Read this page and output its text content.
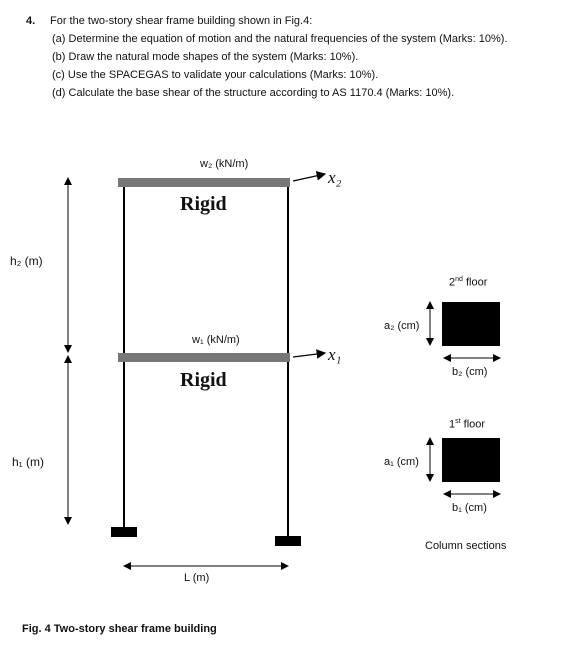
4. For the two-story shear frame building shown in Fig.4:
(a) Determine the equation of motion and the natural frequencies of the system (Marks: 10%).
(b) Draw the natural mode shapes of the system (Marks: 10%).
(c) Use the SPACEGAS to validate your calculations (Marks: 10%).
(d) Calculate the base shear of the structure according to AS 1170.4 (Marks: 10%).
w₂ (kN/m)
Rigid
x₂
w₁ (kN/m)
Rigid
x₁
h₂ (m)
h₁ (m)
L (m)
2nd floor
a₂ (cm)
b₂ (cm)
1st floor
a₁ (cm)
b₁ (cm)
Column sections
Fig. 4 Two-story shear frame building
